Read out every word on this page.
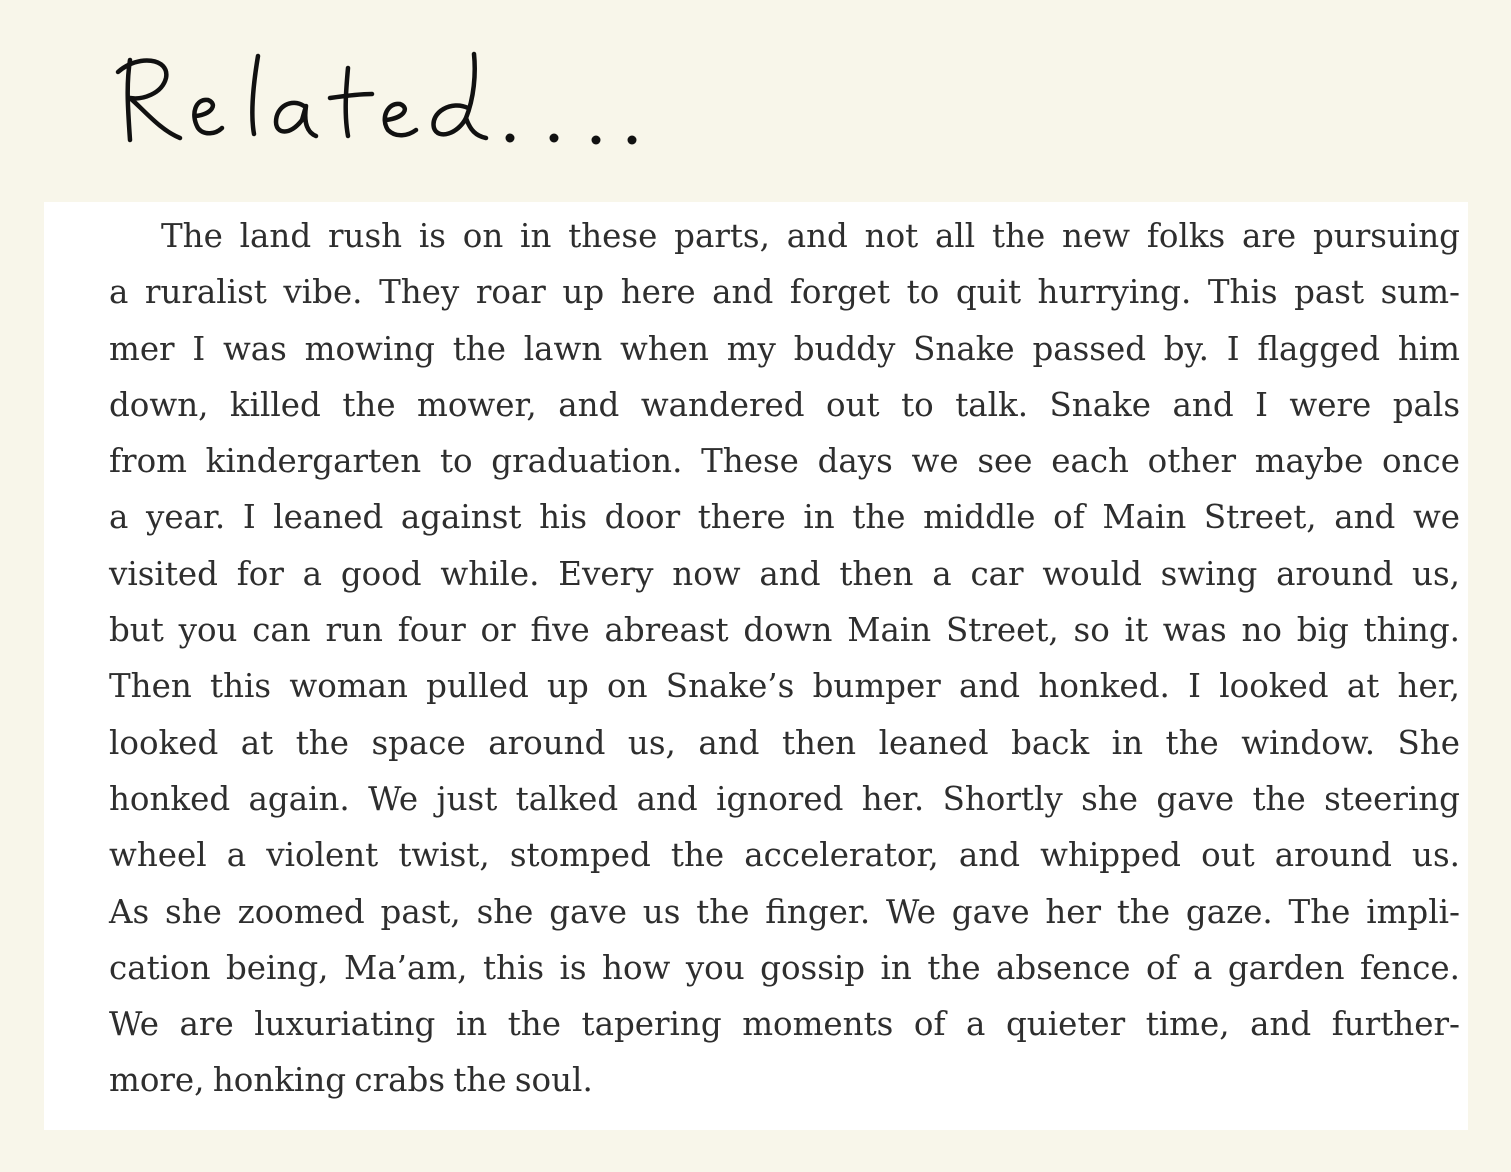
The land rush is on in these parts, and not all the new folks are pursuing
a ruralist vibe. They roar up here and forget to quit hurrying. This past sum-
mer I was mowing the lawn when my buddy Snake passed by. I flagged him
down, killed the mower, and wandered out to talk. Snake and I were pals
from kindergarten to graduation. These days we see each other maybe once
a year. I leaned against his door there in the middle of Main Street, and we
visited for a good while. Every now and then a car would swing around us,
but you can run four or five abreast down Main Street, so it was no big thing.
Then this woman pulled up on Snake’s bumper and honked. I looked at her,
looked at the space around us, and then leaned back in the window. She
honked again. We just talked and ignored her. Shortly she gave the steering
wheel a violent twist, stomped the accelerator, and whipped out around us.
As she zoomed past, she gave us the finger. We gave her the gaze. The impli-
cation being, Ma’am, this is how you gossip in the absence of a garden fence.
We are luxuriating in the tapering moments of a quieter time, and further-
more, honking crabs the soul.
